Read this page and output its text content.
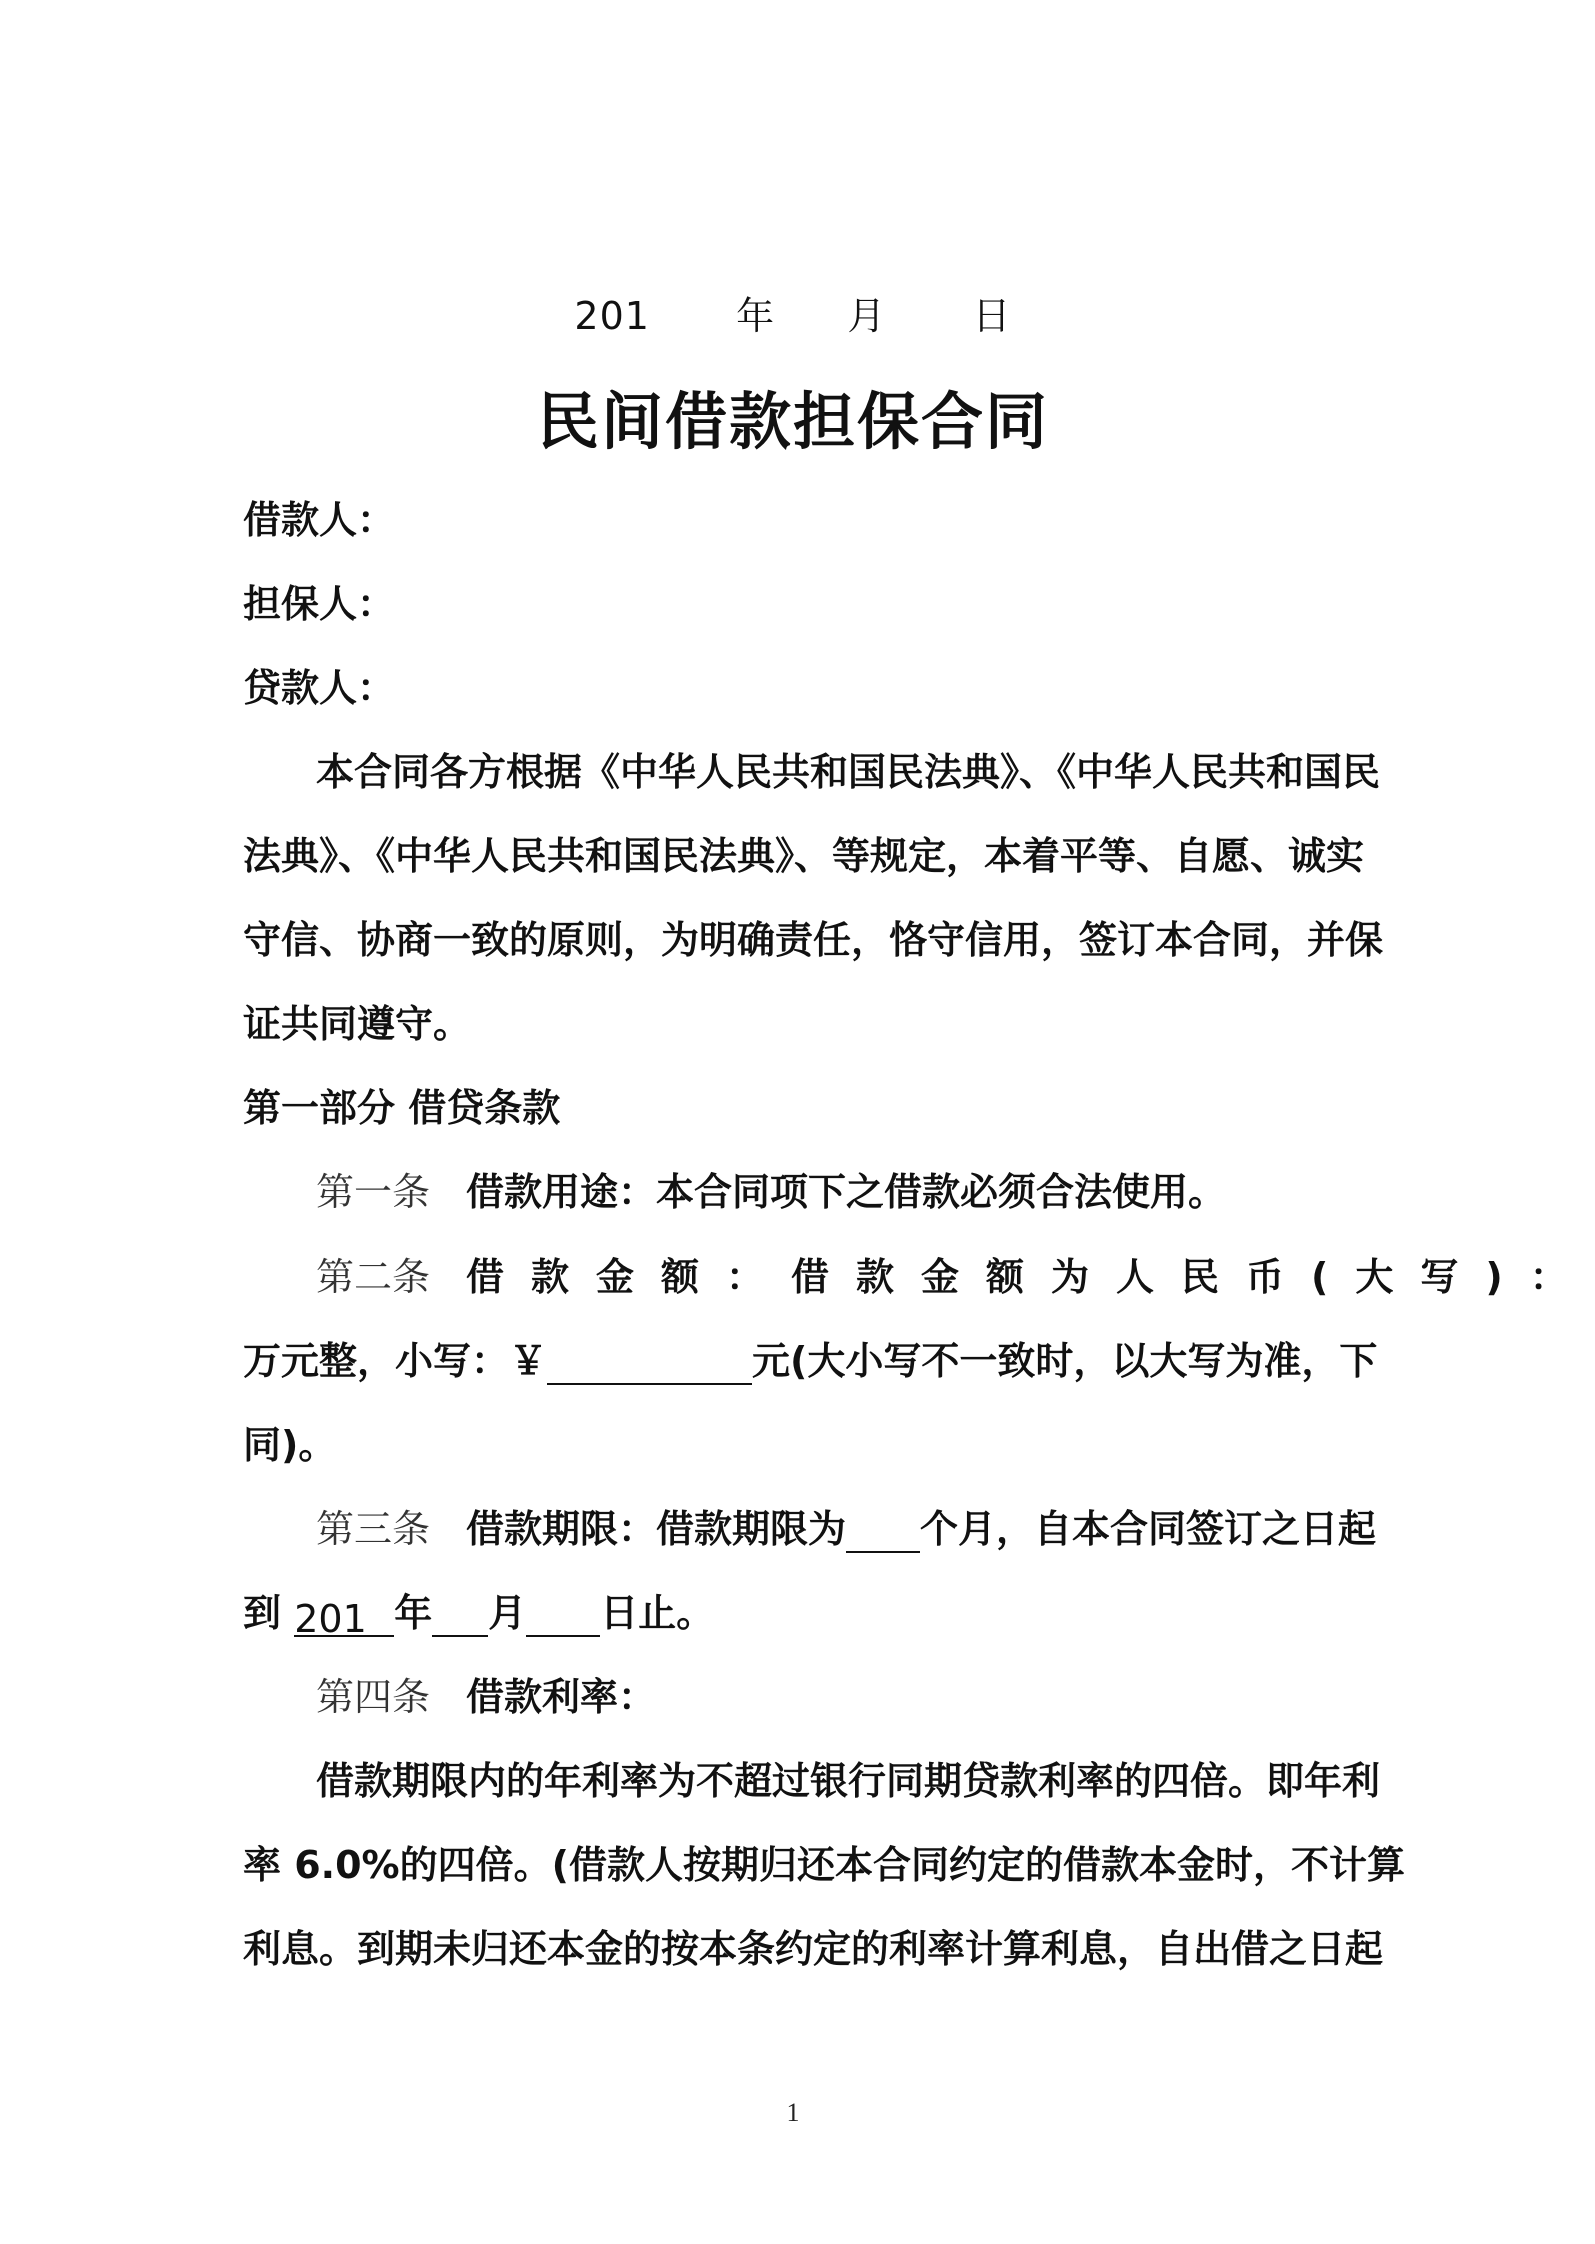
201 年 月 日
民间借款担保合同
借款人：
担保人：
贷款人：
本合同各方根据《中华人民共和国民法典》、《中华人民共和国民
法典》、《中华人民共和国民法典》、等规定，本着平等、自愿、诚实
守信、协商一致的原则，为明确责任，恪守信用，签订本合同，并保
证共同遵守。
第一部分 借贷条款
第一条 借款用途：本合同项下之借款必须合法使用。
第二条 借款金额：借款金额为人民币(大写)：
万元整，小写：￥	元(大小写不一致时，以大写为准，下
同)。
第三条 借款期限：借款期限为 个月，自本合同签订之日起
到 201 年 月 日止。
第四条 借款利率：
借款期限内的年利率为不超过银行同期贷款利率的四倍。即年利
率 6.0%的四倍。(借款人按期归还本合同约定的借款本金时，不计算
利息。到期未归还本金的按本条约定的利率计算利息，自出借之日起
1
